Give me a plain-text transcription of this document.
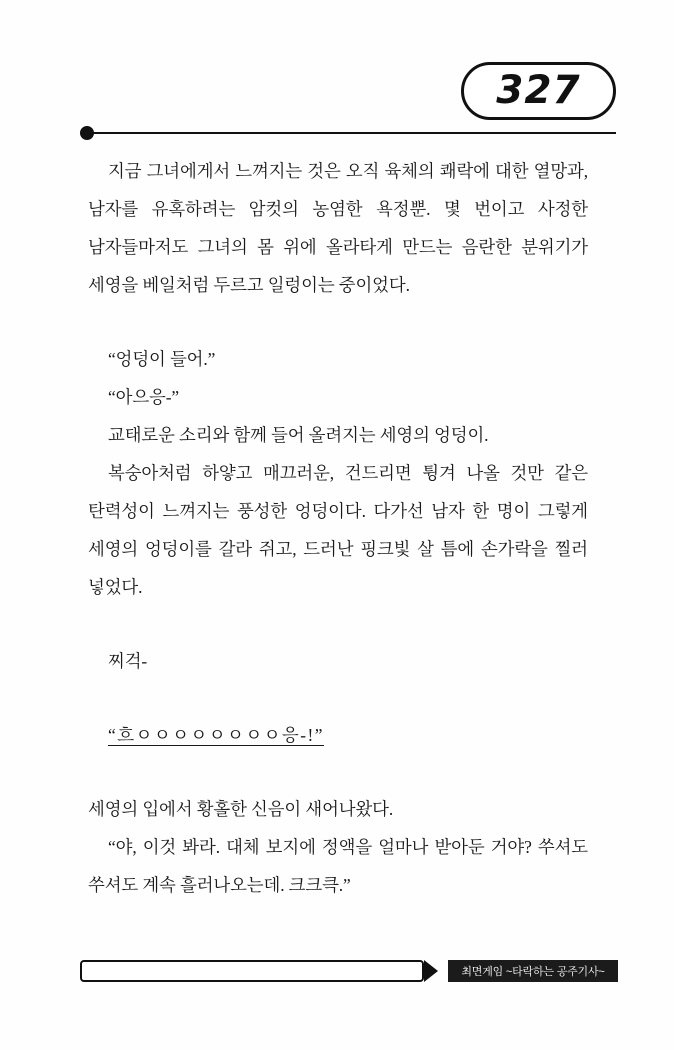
327

지금 그녀에게서 느껴지는 것은 오직 육체의 쾌락에 대한 열망과, 남자를 유혹하려는 암컷의 농염한 욕정뿐. 몇 번이고 사정한 남자들마저도 그녀의 몸 위에 올라타게 만드는 음란한 분위기가 세영을 베일처럼 두르고 일렁이는 중이었다.

“엉덩이 들어.”

“아으응-”

교태로운 소리와 함께 들어 올려지는 세영의 엉덩이.

복숭아처럼 하얗고 매끄러운, 건드리면 튕겨 나올 것만 같은 탄력성이 느껴지는 풍성한 엉덩이다. 다가선 남자 한 명이 그렇게 세영의 엉덩이를 갈라 쥐고, 드러난 핑크빛 살 틈에 손가락을 찔러 넣었다.

찌걱-

“흐ㅇㅇㅇㅇㅇㅇㅇㅇ응-!”

세영의 입에서 황홀한 신음이 새어나왔다.

“야, 이것 봐라. 대체 보지에 정액을 얼마나 받아둔 거야? 쑤셔도 쑤셔도 계속 흘러나오는데. 크크큭.”

최면게임 ~타락하는 공주기사~
